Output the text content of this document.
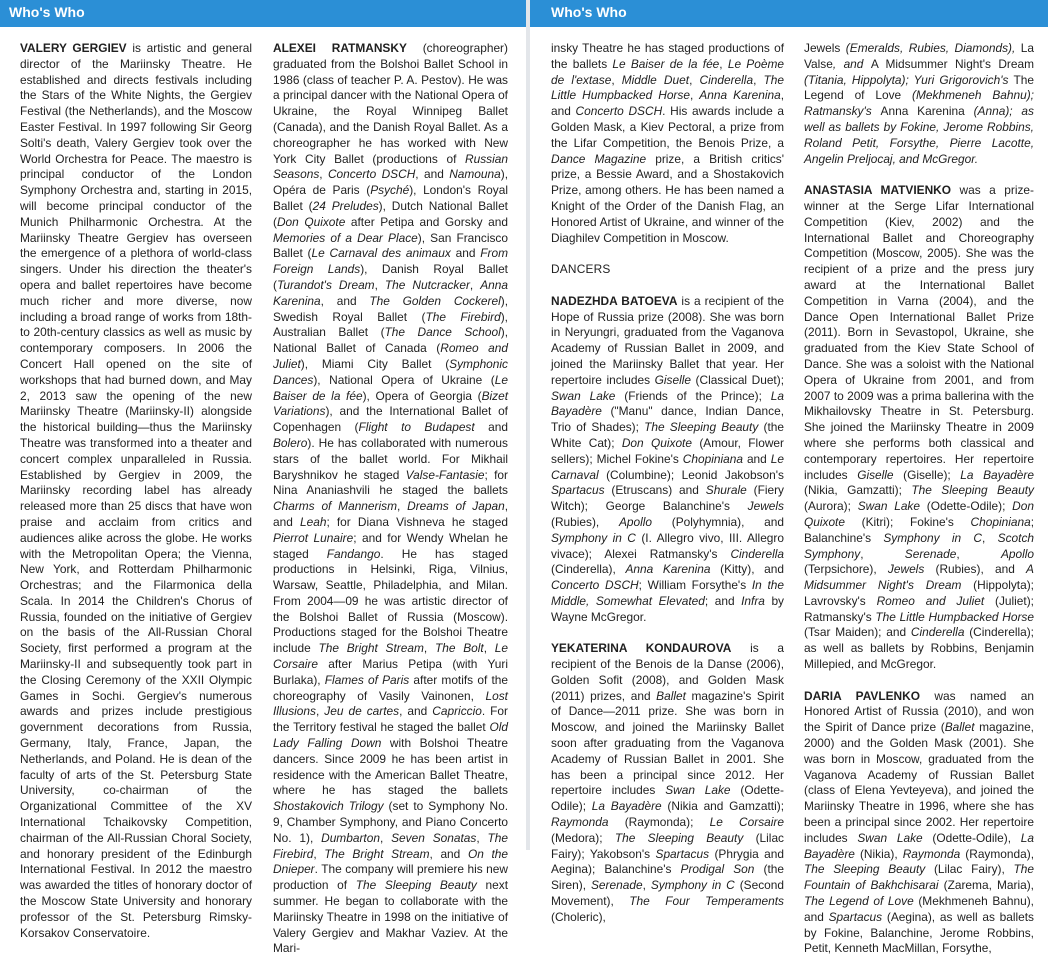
Who's Who	Who's Who

VALERY GERGIEV is artistic and general director of the Mariinsky Theatre. He established and directs festivals including the Stars of the White Nights, the Gergiev Festival (the Netherlands), and the Moscow Easter Festival. In 1997 following Sir Georg Solti's death, Valery Gergiev took over the World Orchestra for Peace. The maestro is principal conductor of the London Symphony Orchestra and, starting in 2015, will become principal conductor of the Munich Philharmonic Orchestra. At the Mariinsky Theatre Gergiev has overseen the emergence of a plethora of world-class singers. Under his direction the theater's opera and ballet repertoires have become much richer and more diverse, now including a broad range of works from 18th- to 20th-century classics as well as music by contemporary composers. In 2006 the Concert Hall opened on the site of workshops that had burned down, and May 2, 2013 saw the opening of the new Mariinsky Theatre (Mariinsky-II) alongside the historical building—thus the Mariinsky Theatre was transformed into a theater and concert complex unparalleled in Russia. Established by Gergiev in 2009, the Mariinsky recording label has already released more than 25 discs that have won praise and acclaim from critics and audiences alike across the globe. He works with the Metropolitan Opera; the Vienna, New York, and Rotterdam Philharmonic Orchestras; and the Filarmonica della Scala. In 2014 the Children's Chorus of Russia, founded on the initiative of Gergiev on the basis of the All-Russian Choral Society, first performed a program at the Mariinsky-II and subsequently took part in the Closing Ceremony of the XXII Olympic Games in Sochi. Gergiev's numerous awards and prizes include prestigious government decorations from Russia, Germany, Italy, France, Japan, the Netherlands, and Poland. He is dean of the faculty of arts of the St. Petersburg State University, co-chairman of the Organizational Committee of the XV International Tchaikovsky Competition, chairman of the All-Russian Choral Society, and honorary president of the Edinburgh International Festival. In 2012 the maestro was awarded the titles of honorary doctor of the Moscow State University and honorary professor of the St. Petersburg Rimsky-Korsakov Conservatoire.

ALEXEI RATMANSKY (choreographer) graduated from the Bolshoi Ballet School in 1986 (class of teacher P. A. Pestov). He was a principal dancer with the National Opera of Ukraine, the Royal Winnipeg Ballet (Canada), and the Danish Royal Ballet. As a choreographer he has worked with New York City Ballet (productions of Russian Seasons, Concerto DSCH, and Namouna), Opéra de Paris (Psyché), London's Royal Ballet (24 Preludes), Dutch National Ballet (Don Quixote after Petipa and Gorsky and Memories of a Dear Place), San Francisco Ballet (Le Carnaval des animaux and From Foreign Lands), Danish Royal Ballet (Turandot's Dream, The Nutcracker, Anna Karenina, and The Golden Cockerel), Swedish Royal Ballet (The Firebird), Australian Ballet (The Dance School), National Ballet of Canada (Romeo and Juliet), Miami City Ballet (Symphonic Dances), National Opera of Ukraine (Le Baiser de la fée), Opera of Georgia (Bizet Variations), and the International Ballet of Copenhagen (Flight to Budapest and Bolero). He has collaborated with numerous stars of the ballet world. For Mikhail Baryshnikov he staged Valse-Fantasie; for Nina Ananiashvili he staged the ballets Charms of Mannerism, Dreams of Japan, and Leah; for Diana Vishneva he staged Pierrot Lunaire; and for Wendy Whelan he staged Fandango. He has staged productions in Helsinki, Riga, Vilnius, Warsaw, Seattle, Philadelphia, and Milan. From 2004—09 he was artistic director of the Bolshoi Ballet of Russia (Moscow). Productions staged for the Bolshoi Theatre include The Bright Stream, The Bolt, Le Corsaire after Marius Petipa (with Yuri Burlaka), Flames of Paris after motifs of the choreography of Vasily Vainonen, Lost Illusions, Jeu de cartes, and Capriccio. For the Territory festival he staged the ballet Old Lady Falling Down with Bolshoi Theatre dancers. Since 2009 he has been artist in residence with the American Ballet Theatre, where he has staged the ballets Shostakovich Trilogy (set to Symphony No. 9, Chamber Symphony, and Piano Concerto No. 1), Dumbarton, Seven Sonatas, The Firebird, The Bright Stream, and On the Dnieper. The company will premiere his new production of The Sleeping Beauty next summer. He began to collaborate with the Mariinsky Theatre in 1998 on the initiative of Valery Gergiev and Makhar Vaziev. At the Mari-

insky Theatre he has staged productions of the ballets Le Baiser de la fée, Le Poème de l'extase, Middle Duet, Cinderella, The Little Humpbacked Horse, Anna Karenina, and Concerto DSCH. His awards include a Golden Mask, a Kiev Pectoral, a prize from the Lifar Competition, the Benois Prize, a Dance Magazine prize, a British critics' prize, a Bessie Award, and a Shostakovich Prize, among others. He has been named a Knight of the Order of the Danish Flag, an Honored Artist of Ukraine, and winner of the Diaghilev Competition in Moscow.

DANCERS

NADEZHDA BATOEVA is a recipient of the Hope of Russia prize (2008). She was born in Neryungri, graduated from the Vaganova Academy of Russian Ballet in 2009, and joined the Mariinsky Ballet that year. Her repertoire includes Giselle (Classical Duet); Swan Lake (Friends of the Prince); La Bayadère ("Manu" dance, Indian Dance, Trio of Shades); The Sleeping Beauty (the White Cat); Don Quixote (Amour, Flower sellers); Michel Fokine's Chopiniana and Le Carnaval (Columbine); Leonid Jakobson's Spartacus (Etruscans) and Shurale (Fiery Witch); George Balanchine's Jewels (Rubies), Apollo (Polyhymnia), and Symphony in C (I. Allegro vivo, III. Allegro vivace); Alexei Ratmansky's Cinderella (Cinderella), Anna Karenina (Kitty), and Concerto DSCH; William Forsythe's In the Middle, Somewhat Elevated; and Infra by Wayne McGregor.

YEKATERINA KONDAUROVA is a recipient of the Benois de la Danse (2006), Golden Sofit (2008), and Golden Mask (2011) prizes, and Ballet magazine's Spirit of Dance—2011 prize. She was born in Moscow, and joined the Mariinsky Ballet soon after graduating from the Vaganova Academy of Russian Ballet in 2001. She has been a principal since 2012. Her repertoire includes Swan Lake (Odette-Odile); La Bayadère (Nikia and Gamzatti); Raymonda (Raymonda); Le Corsaire (Medora); The Sleeping Beauty (Lilac Fairy); Yakobson's Spartacus (Phrygia and Aegina); Balanchine's Prodigal Son (the Siren), Serenade, Symphony in C (Second Movement), The Four Temperaments (Choleric),

Jewels (Emeralds, Rubies, Diamonds), La Valse, and A Midsummer Night's Dream (Titania, Hippolyta); Yuri Grigorovich's The Legend of Love (Mekhmeneh Bahnu); Ratmansky's Anna Karenina (Anna); as well as ballets by Fokine, Jerome Robbins, Roland Petit, Forsythe, Pierre Lacotte, Angelin Preljocaj, and McGregor.

ANASTASIA MATVIENKO was a prize-winner at the Serge Lifar International Competition (Kiev, 2002) and the International Ballet and Choreography Competition (Moscow, 2005). She was the recipient of a prize and the press jury award at the International Ballet Competition in Varna (2004), and the Dance Open International Ballet Prize (2011). Born in Sevastopol, Ukraine, she graduated from the Kiev State School of Dance. She was a soloist with the National Opera of Ukraine from 2001, and from 2007 to 2009 was a prima ballerina with the Mikhailovsky Theatre in St. Petersburg. She joined the Mariinsky Theatre in 2009 where she performs both classical and contemporary repertoires. Her repertoire includes Giselle (Giselle); La Bayadère (Nikia, Gamzatti); The Sleeping Beauty (Aurora); Swan Lake (Odette-Odile); Don Quixote (Kitri); Fokine's Chopiniana; Balanchine's Symphony in C, Scotch Symphony, Serenade, Apollo (Terpsichore), Jewels (Rubies), and A Midsummer Night's Dream (Hippolyta); Lavrovsky's Romeo and Juliet (Juliet); Ratmansky's The Little Humpbacked Horse (Tsar Maiden); and Cinderella (Cinderella); as well as ballets by Robbins, Benjamin Millepied, and McGregor.

DARIA PAVLENKO was named an Honored Artist of Russia (2010), and won the Spirit of Dance prize (Ballet magazine, 2000) and the Golden Mask (2001). She was born in Moscow, graduated from the Vaganova Academy of Russian Ballet (class of Elena Yevteyeva), and joined the Mariinsky Theatre in 1996, where she has been a principal since 2002. Her repertoire includes Swan Lake (Odette-Odile), La Bayadère (Nikia), Raymonda (Raymonda), The Sleeping Beauty (Lilac Fairy), The Fountain of Bakhchisarai (Zarema, Maria), The Legend of Love (Mekhmeneh Bahnu), and Spartacus (Aegina), as well as ballets by Fokine, Balanchine, Jerome Robbins, Petit, Kenneth MacMillan, Forsythe,
